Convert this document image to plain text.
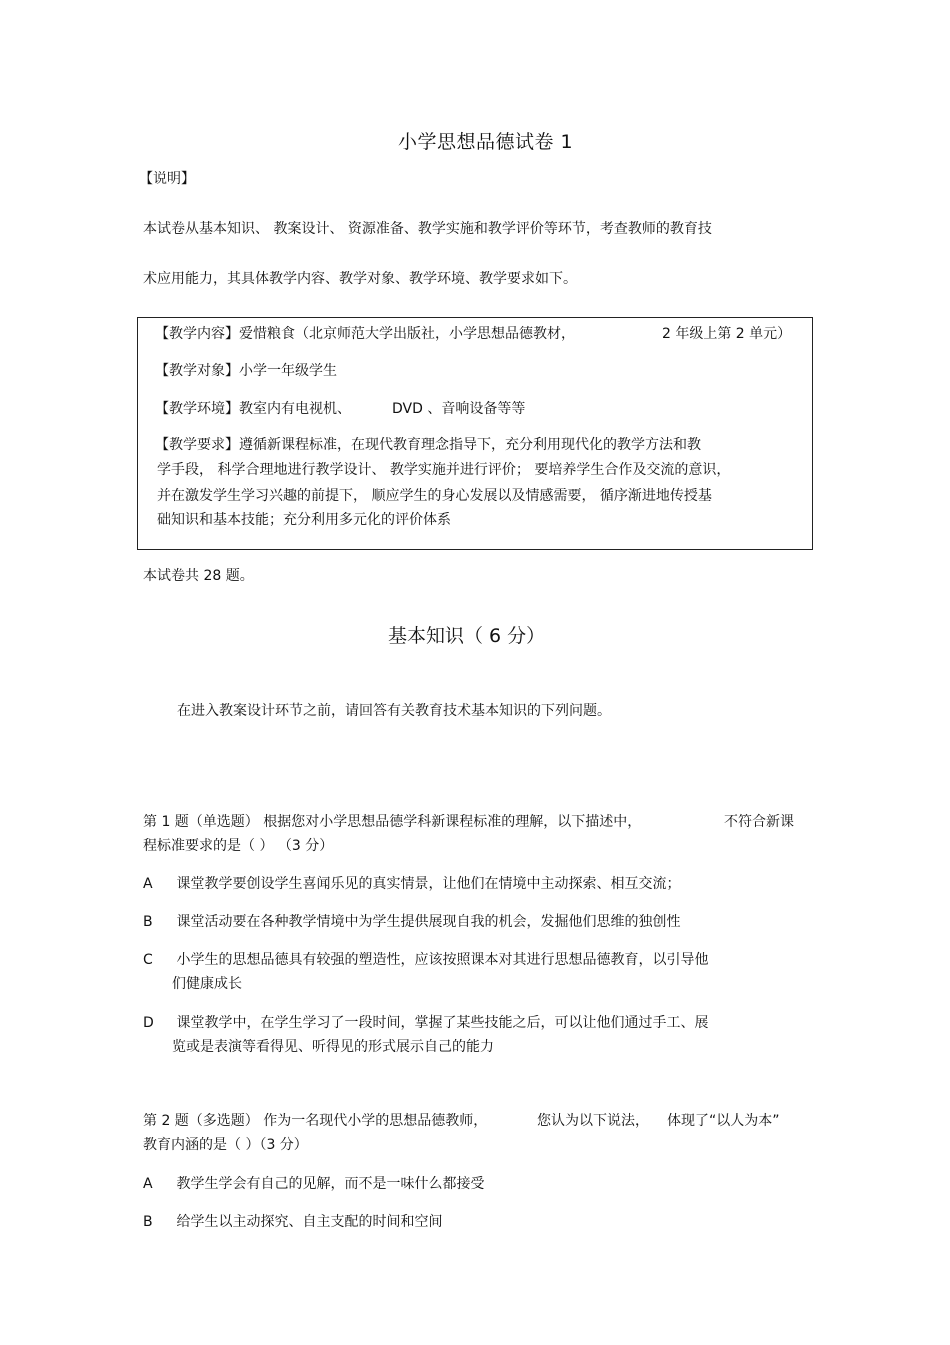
小学思想品德试卷 1
【说明】
本试卷从基本知识、 教案设计、 资源准备、教学实施和教学评价等环节，考查教师的教育技
术应用能力，其具体教学内容、教学对象、教学环境、教学要求如下。
【教学内容】爱惜粮食（北京师范大学出版社，小学思想品德教材，	2 年级上第 2 单元）
【教学对象】小学一年级学生
【教学环境】教室内有电视机、	DVD 、音响设备等等
【教学要求】遵循新课程标准，在现代教育理念指导下，充分利用现代化的教学方法和教
学手段， 科学合理地进行教学设计、 教学实施并进行评价； 要培养学生合作及交流的意识，
并在激发学生学习兴趣的前提下， 顺应学生的身心发展以及情感需要， 循序渐进地传授基
础知识和基本技能；充分利用多元化的评价体系
本试卷共 28 题。
基本知识（ 6 分）
在进入教案设计环节之前，请回答有关教育技术基本知识的下列问题。
第 1 题（单选题） 根据您对小学思想品德学科新课程标准的理解，以下描述中，	不符合新课
程标准要求的是（ ） （3 分）
A 课堂教学要创设学生喜闻乐见的真实情景，让他们在情境中主动探索、相互交流；
B 课堂活动要在各种教学情境中为学生提供展现自我的机会，发掘他们思维的独创性
C 小学生的思想品德具有较强的塑造性，应该按照课本对其进行思想品德教育，以引导他
们健康成长
D 课堂教学中，在学生学习了一段时间，掌握了某些技能之后，可以让他们通过手工、展
览或是表演等看得见、听得见的形式展示自己的能力
第 2 题（多选题） 作为一名现代小学的思想品德教师，	您认为以下说法， 体现了“以人为本”
教育内涵的是（ ）（3 分）
A 教学生学会有自己的见解，而不是一味什么都接受
B 给学生以主动探究、自主支配的时间和空间
